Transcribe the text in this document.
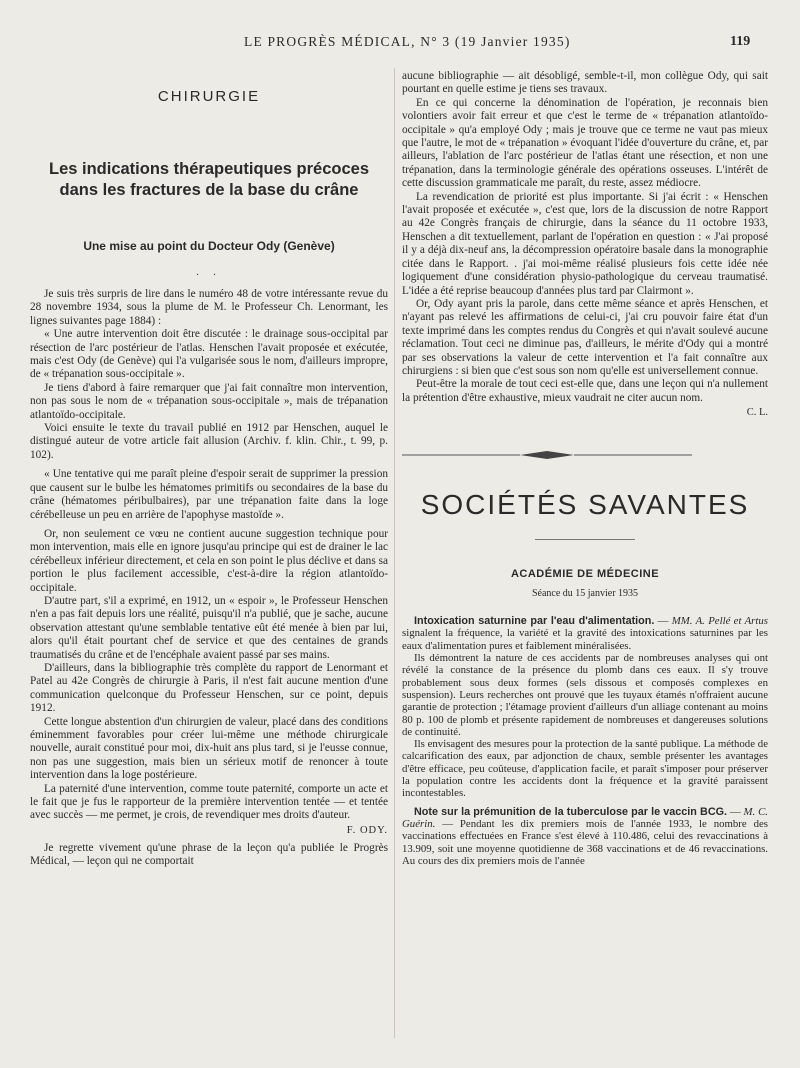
LE PROGRÈS MÉDICAL, N° 3 (19 Janvier 1935)	119
CHIRURGIE
Les indications thérapeutiques précoces
dans les fractures de la base du crâne
Une mise au point du Docteur Ody (Genève)
. .

Je suis très surpris de lire dans le numéro 48 de votre intéressante revue du 28 novembre 1934, sous la plume de M. le Professeur Ch. Lenormant, les lignes suivantes page 1884) :

« Une autre intervention doit être discutée : le drainage sous-occipital par résection de l'arc postérieur de l'atlas. Henschen l'avait proposée et exécutée, mais c'est Ody (de Genève) qui l'a vulgarisée sous le nom, d'ailleurs impropre, de « trépanation sous-occipitale ».

Je tiens d'abord à faire remarquer que j'ai fait connaître mon intervention, non pas sous le nom de « trépanation sous-occipitale », mais de trépanation atlantoïdo-occipitale.

Voici ensuite le texte du travail publié en 1912 par Henschen, auquel le distingué auteur de votre article fait allusion (Archiv. f. klin. Chir., t. 99, p. 102).

« Une tentative qui me paraît pleine d'espoir serait de supprimer la pression que causent sur le bulbe les hématomes primitifs ou secondaires de la base du crâne (hématomes péribulbaires), par une trépanation faite dans la loge cérébelleuse un peu en arrière de l'apophyse mastoïde ».

Or, non seulement ce vœu ne contient aucune suggestion technique pour mon intervention, mais elle en ignore jusqu'au principe qui est de drainer le lac cérébelleux inférieur directement, et cela en son point le plus déclive et dans sa portion le plus facilement accessible, c'est-à-dire la région atlantoïdo-occipitale.

D'autre part, s'il a exprimé, en 1912, un « espoir », le Professeur Henschen n'en a pas fait depuis lors une réalité, puisqu'il n'a publié, que je sache, aucune observation attestant qu'une semblable tentative eût été menée à bien par lui, alors qu'il était pourtant chef de service et que des centaines de grands traumatisés du crâne et de l'encéphale avaient passé par ses mains.

D'ailleurs, dans la bibliographie très complète du rapport de Lenormant et Patel au 42e Congrès de chirurgie à Paris, il n'est fait aucune mention d'une communication quelconque du Professeur Henschen, sur ce point, depuis 1912.

Cette longue abstention d'un chirurgien de valeur, placé dans des conditions éminemment favorables pour créer lui-même une méthode chirurgicale nouvelle, aurait constitué pour moi, dix-huit ans plus tard, si je l'eusse connue, non pas une suggestion, mais bien un sérieux motif de renoncer à toute intervention dans la loge postérieure.

La paternité d'une intervention, comme toute paternité, comporte un acte et le fait que je fus le rapporteur de la première intervention tentée — et tentée avec succès — me permet, je crois, de revendiquer mes droits d'auteur.

F. ODY.

Je regrette vivement qu'une phrase de la leçon qu'a publiée le Progrès Médical, — leçon qui ne comportait

aucune bibliographie — ait désobligé, semble-t-il, mon collègue Ody, qui sait pourtant en quelle estime je tiens ses travaux.

En ce qui concerne la dénomination de l'opération, je reconnais bien volontiers avoir fait erreur et que c'est le terme de « trépanation atlantoïdo-occipitale » qu'a employé Ody ; mais je trouve que ce terme ne vaut pas mieux que l'autre, le mot de « trépanation » évoquant l'idée d'ouverture du crâne, et, par ailleurs, l'ablation de l'arc postérieur de l'atlas étant une résection, et non une trépanation, dans la terminologie générale des opérations osseuses. L'intérêt de cette discussion grammaticale me paraît, du reste, assez médiocre.

La revendication de priorité est plus importante. Si j'ai écrit : « Henschen l'avait proposée et exécutée », c'est que, lors de la discussion de notre Rapport au 42e Congrès français de chirurgie, dans la séance du 11 octobre 1933, Henschen a dit textuellement, parlant de l'opération en question : « J'ai proposé il y a déjà dix-neuf ans, la décompression opératoire basale dans la monographie citée dans le Rapport. . j'ai moi-même réalisé plusieurs fois cette idée née logiquement d'une considération physio-pathologique du cerveau traumatisé. L'idée a été reprise beaucoup d'années plus tard par Clairmont ».

Or, Ody ayant pris la parole, dans cette même séance et après Henschen, et n'ayant pas relevé les affirmations de celui-ci, j'ai cru pouvoir faire état d'un texte imprimé dans les comptes rendus du Congrès et qui n'avait soulevé aucune réclamation. Tout ceci ne diminue pas, d'ailleurs, le mérite d'Ody qui a montré par ses observations la valeur de cette intervention et l'a fait connaître aux chirurgiens : si bien que c'est sous son nom qu'elle est universellement connue.

Peut-être la morale de tout ceci est-elle que, dans une leçon qui n'a nullement la prétention d'être exhaustive, mieux vaudrait ne citer aucun nom.

C. L.

SOCIÉTÉS SAVANTES
ACADÉMIE DE MÉDECINE
Séance du 15 janvier 1935

Intoxication saturnine par l'eau d'alimentation. — MM. A. Pellé et Artus signalent la fréquence, la variété et la gravité des intoxications saturnines par les eaux d'alimentation pures et faiblement minéralisées.

Ils démontrent la nature de ces accidents par de nombreuses analyses qui ont révélé la constance de la présence du plomb dans ces eaux. Il s'y trouve probablement sous deux formes (sels dissous et composés complexes en suspension). Leurs recherches ont prouvé que les tuyaux étamés n'offraient aucune garantie de protection ; l'étamage provient d'ailleurs d'un alliage contenant au moins 80 p. 100 de plomb et présente rapidement de nombreuses et dangereuses solutions de continuité.

Ils envisagent des mesures pour la protection de la santé publique. La méthode de calcarification des eaux, par adjonction de chaux, semble présenter les avantages d'être efficace, peu coûteuse, d'application facile, et paraît s'imposer pour préserver la population contre les accidents dont la fréquence et la gravité paraissent incontestables.

Note sur la prémunition de la tuberculose par le vaccin BCG. — M. C. Guérin. — Pendant les dix premiers mois de l'année 1933, le nombre des vaccinations effectuées en France s'est élevé à 110.486, celui des revaccinations à 13.909, soit une moyenne quotidienne de 368 vaccinations et de 46 revaccinations. Au cours des dix premiers mois de l'année
